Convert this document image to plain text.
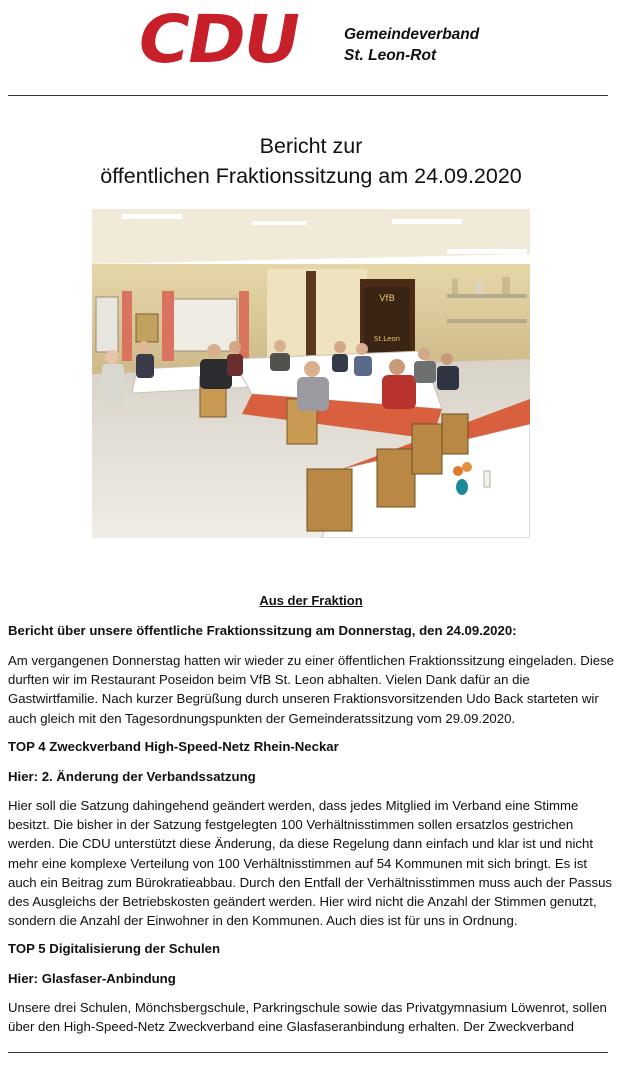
CDU	Gemeindeverband
St. Leon-Rot
Bericht zur
öffentlichen Fraktionssitzung am 24.09.2020
VfB
St.Leon
Aus der Fraktion
Bericht über unsere öffentliche Fraktionssitzung am Donnerstag, den 24.09.2020:
Am vergangenen Donnerstag hatten wir wieder zu einer öffentlichen Fraktionssitzung eingeladen. Diese durften wir im Restaurant Poseidon beim VfB St. Leon abhalten. Vielen Dank dafür an die Gastwirtfamilie. Nach kurzer Begrüßung durch unseren Fraktionsvorsitzenden Udo Back starteten wir auch gleich mit den Tagesordnungspunkten der Gemeinderatssitzung vom 29.09.2020.
TOP 4 Zweckverband High-Speed-Netz Rhein-Neckar
Hier: 2. Änderung der Verbandssatzung
Hier soll die Satzung dahingehend geändert werden, dass jedes Mitglied im Verband eine Stimme besitzt. Die bisher in der Satzung festgelegten 100 Verhältnisstimmen sollen ersatzlos gestrichen werden. Die CDU unterstützt diese Änderung, da diese Regelung dann einfach und klar ist und nicht mehr eine komplexe Verteilung von 100 Verhältnisstimmen auf 54 Kommunen mit sich bringt. Es ist auch ein Beitrag zum Bürokratieabbau. Durch den Entfall der Verhältnisstimmen muss auch der Passus des Ausgleichs der Betriebskosten geändert werden. Hier wird nicht die Anzahl der Stimmen genutzt, sondern die Anzahl der Einwohner in den Kommunen. Auch dies ist für uns in Ordnung.
TOP 5 Digitalisierung der Schulen
Hier: Glasfaser-Anbindung
Unsere drei Schulen, Mönchsbergschule, Parkringschule sowie das Privatgymnasium Löwenrot, sollen über den High-Speed-Netz Zweckverband eine Glasfaseranbindung erhalten. Der Zweckverband
